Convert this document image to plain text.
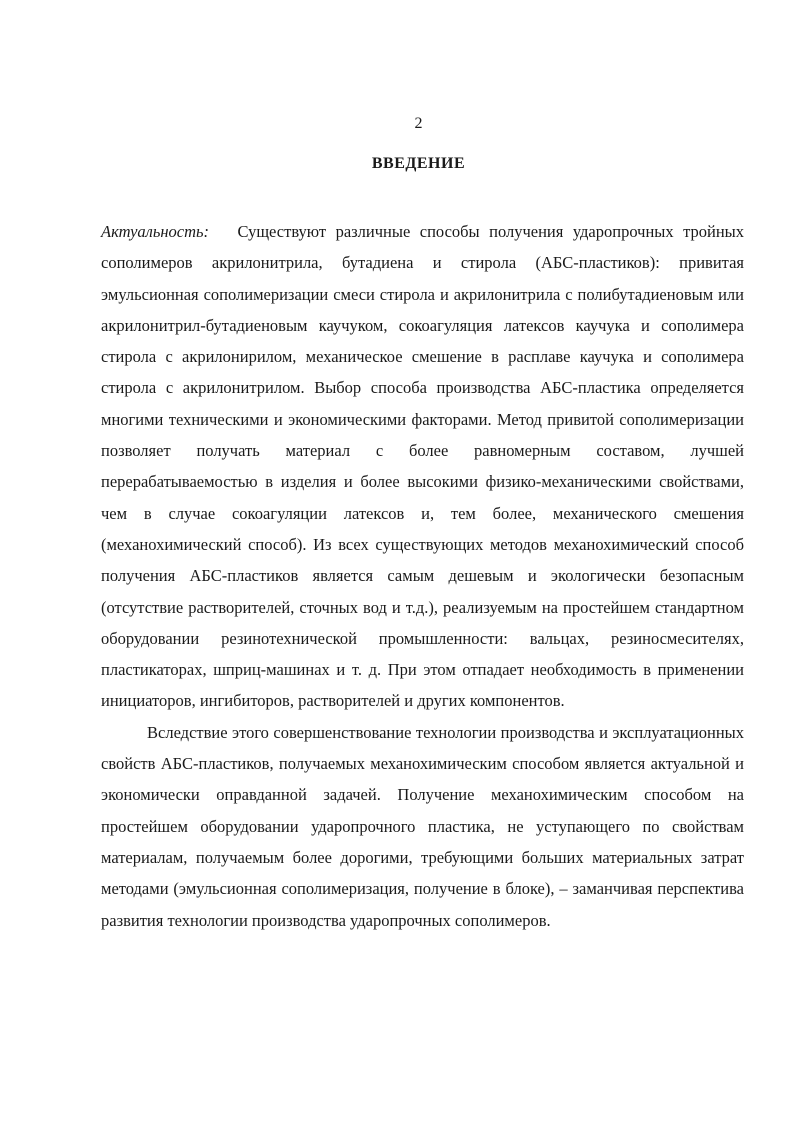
2
ВВЕДЕНИЕ

Актуальность: Существуют различные способы получения ударопрочных тройных сополимеров акрилонитрила, бутадиена и стирола (АБС-пластиков): привитая эмульсионная сополимеризации смеси стирола и акрилонитрила с полибутадиеновым или акрилонитрил-бутадиеновым каучуком, сокоагуляция латексов каучука и сополимера стирола с акрилонирилом, механическое смешение в расплаве каучука и сополимера стирола с акрилонитрилом. Выбор способа производства АБС-пластика определяется многими техническими и экономическими факторами. Метод привитой сополимеризации позволяет получать материал с более равномерным составом, лучшей перерабатываемостью в изделия и более высокими физико-механическими свойствами, чем в случае сокоагуляции латексов и, тем более, механического смешения (механохимический способ). Из всех существующих методов механохимический способ получения АБС-пластиков является самым дешевым и экологически безопасным (отсутствие растворителей, сточных вод и т.д.), реализуемым на простейшем стандартном оборудовании резинотехнической промышленности: вальцах, резиносмесителях, пластикаторах, шприц-машинах и т. д. При этом отпадает необходимость в применении инициаторов, ингибиторов, растворителей и других компонентов.

Вследствие этого совершенствование технологии производства и эксплуатационных свойств АБС-пластиков, получаемых механохимическим способом является актуальной и экономически оправданной задачей. Получение механохимическим способом на простейшем оборудовании ударопрочного пластика, не уступающего по свойствам материалам, получаемым более дорогими, требующими больших материальных затрат методами (эмульсионная сополимеризация, получение в блоке), – заманчивая перспектива развития технологии производства ударопрочных сополимеров.
